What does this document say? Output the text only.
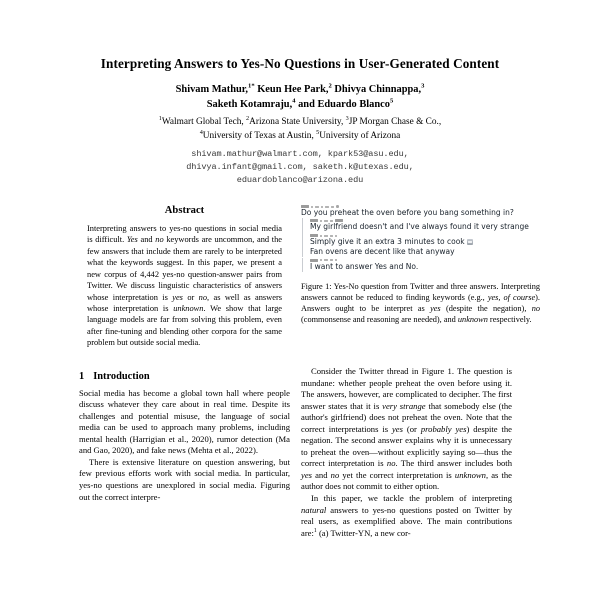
Interpreting Answers to Yes-No Questions in User-Generated Content
Shivam Mathur,$^{1*}$ Keun Hee Park,$^2$ Dhivya Chinnappa,$^3$
Saketh Kotamraju,$^4$ and Eduardo Blanco$^5$
$^1$Walmart Global Tech, $^2$Arizona State University, $^3$JP Morgan Chase & Co.,
$^4$University of Texas at Austin, $^5$University of Arizona
shivam.mathur@walmart.com, kpark53@asu.edu,
dhivya.infant@gmail.com, saketh.k@utexas.edu,
eduardoblanco@arizona.edu
Abstract

Interpreting answers to yes-no questions in social media is difficult. Yes and no keywords are uncommon, and the few answers that include them are rarely to be interpreted what the keywords suggest. In this paper, we present a new corpus of 4,442 yes-no question-answer pairs from Twitter. We discuss linguistic characteristics of answers whose interpretation is yes or no, as well as answers whose interpretation is unknown. We show that large language models are far from solving this problem, even after fine-tuning and blending other corpora for the same problem but outside social media.

1 Introduction

Social media has become a global town hall where people discuss whatever they care about in real time. Despite its challenges and potential misuse, the language of social media can be used to approach many problems, including mental health (Harrigian et al., 2020), rumor detection (Ma and Gao, 2020), and fake news (Mehta et al., 2022).

There is extensive literature on question answering, but few previous efforts work with social media. In particular, yes-no questions are unexplored in social media. Figuring out the correct interpre-

Do you preheat the oven before you bang something in?
My girlfriend doesn't and I've always found it very strange
Simply give it an extra 3 minutes to cook
Fan ovens are decent like that anyway
I want to answer Yes and No.
Figure 1: Yes-No question from Twitter and three answers. Interpreting answers cannot be reduced to finding keywords (e.g., yes, of course). Answers ought to be interpret as yes (despite the negation), no (commonsense and reasoning are needed), and unknown respectively.

Consider the Twitter thread in Figure 1. The question is mundane: whether people preheat the oven before using it. The answers, however, are complicated to decipher. The first answer states that it is very strange that somebody else (the author's girlfriend) does not preheat the oven. Note that the correct interpretations is yes (or probably yes) despite the negation. The second answer explains why it is unnecessary to preheat the oven—without explicitly saying so—thus the correct interpretation is no. The third answer includes both yes and no yet the correct interpretation is unknown, as the author does not commit to either option.

In this paper, we tackle the problem of interpreting natural answers to yes-no questions posted on Twitter by real users, as exemplified above. The main contributions are:$^1$ (a) Twitter-YN, a new cor-
